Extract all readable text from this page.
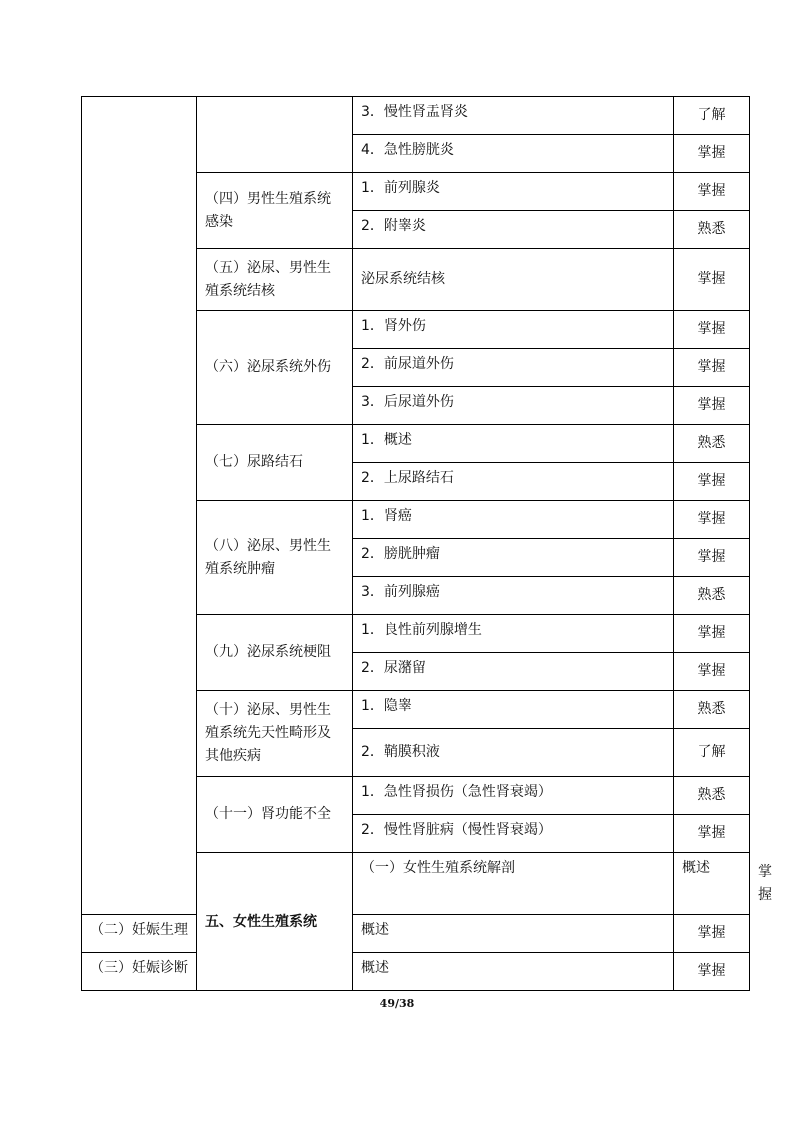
		3．慢性肾盂肾炎	了解	
		4．急性膀胱炎	掌握	
	（四）男性生殖系统感染	1．前列腺炎	掌握	
		2．附睾炎	熟悉	
	（五）泌尿、男性生殖系统结核	泌尿系统结核	掌握	
	（六）泌尿系统外伤	1．肾外伤	掌握	
		2．前尿道外伤	掌握	
		3．后尿道外伤	掌握	
	（七）尿路结石	1．概述	熟悉	
		2．上尿路结石	掌握	
	（八）泌尿、男性生殖系统肿瘤	1．肾癌	掌握	
		2．膀胱肿瘤	掌握	
		3．前列腺癌	熟悉	
	（九）泌尿系统梗阻	1．良性前列腺增生	掌握	
		2．尿潴留	掌握	
	（十）泌尿、男性生殖系统先天性畸形及其他疾病	1．隐睾	熟悉	
		2．鞘膜积液	了解	
	（十一）肾功能不全	1．急性肾损伤（急性肾衰竭）	熟悉	
		2．慢性肾脏病（慢性肾衰竭）	掌握	
	五、女性生殖系统	（一）女性生殖系统解剖	概述	掌握
（二）妊娠生理		概述	掌握	
（三）妊娠诊断		概述	掌握	
49/38
